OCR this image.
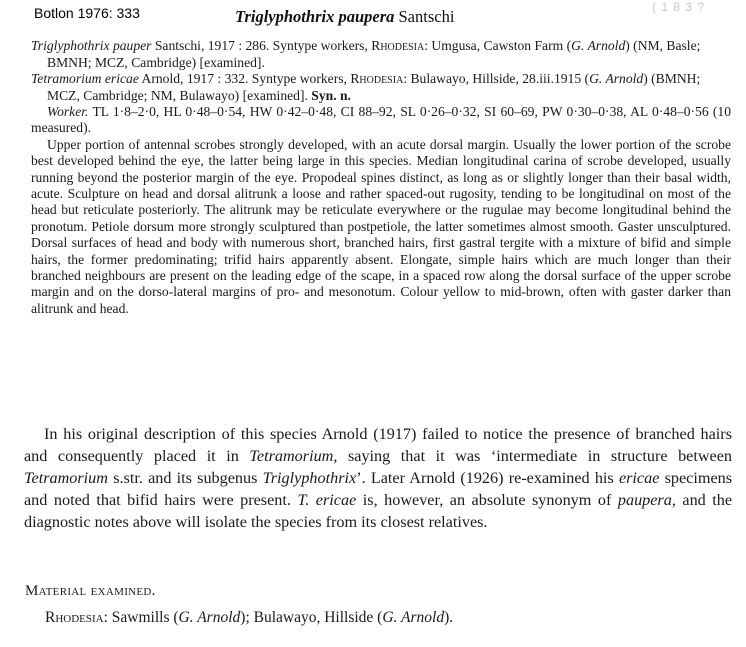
Botlon 1976: 333	( 1 8 3 ?
Triglyphothrix paupera Santschi
Triglyphothrix pauper Santschi, 1917 : 286. Syntype workers, Rhodesia: Umgusa, Cawston Farm (G. Arnold) (NM, Basle; BMNH; MCZ, Cambridge) [examined].
Tetramorium ericae Arnold, 1917 : 332. Syntype workers, Rhodesia: Bulawayo, Hillside, 28.iii.1915 (G. Arnold) (BMNH; MCZ, Cambridge; NM, Bulawayo) [examined]. Syn. n.

Worker. TL 1·8–2·0, HL 0·48–0·54, HW 0·42–0·48, CI 88–92, SL 0·26–0·32, SI 60–69, PW 0·30–0·38, AL 0·48–0·56 (10 measured).

Upper portion of antennal scrobes strongly developed, with an acute dorsal margin. Usually the lower portion of the scrobe best developed behind the eye, the latter being large in this species. Median longitudinal carina of scrobe developed, usually running beyond the posterior margin of the eye. Propodeal spines distinct, as long as or slightly longer than their basal width, acute. Sculpture on head and dorsal alitrunk a loose and rather spaced-out rugosity, tending to be longitudinal on most of the head but reticulate posteriorly. The alitrunk may be reticulate everywhere or the rugulae may become longitudinal behind the pronotum. Petiole dorsum more strongly sculptured than postpetiole, the latter sometimes almost smooth. Gaster unsculptured. Dorsal surfaces of head and body with numerous short, branched hairs, first gastral tergite with a mixture of bifid and simple hairs, the former predominating; trifid hairs apparently absent. Elongate, simple hairs which are much longer than their branched neighbours are present on the leading edge of the scape, in a spaced row along the dorsal surface of the upper scrobe margin and on the dorso-lateral margins of pro- and mesonotum. Colour yellow to mid-brown, often with gaster darker than alitrunk and head.

In his original description of this species Arnold (1917) failed to notice the presence of branched hairs and consequently placed it in Tetramorium, saying that it was ‘intermediate in structure between Tetramorium s.str. and its subgenus Triglyphothrix’. Later Arnold (1926) re-examined his ericae specimens and noted that bifid hairs were present. T. ericae is, however, an absolute synonym of paupera, and the diagnostic notes above will isolate the species from its closest relatives.

Material examined.
Rhodesia: Sawmills (G. Arnold); Bulawayo, Hillside (G. Arnold).
